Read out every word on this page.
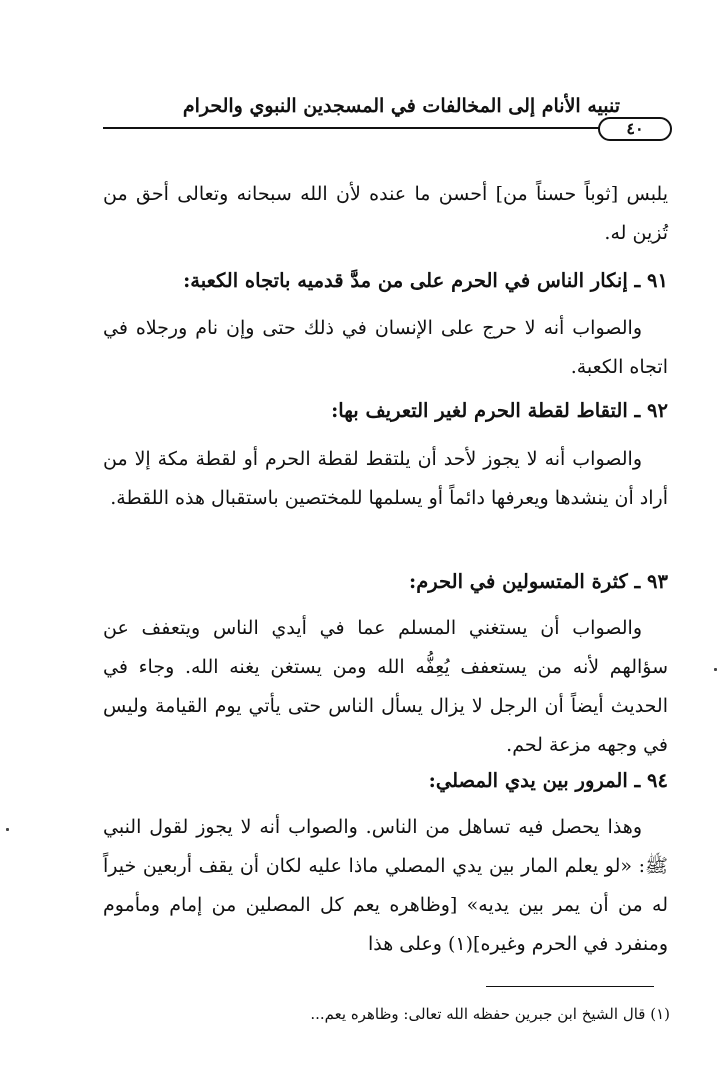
تنبيه الأنام إلى المخالفات في المسجدين النبوي والحرام
٤٠
يلبس [ثوباً حسناً من] أحسن ما عنده لأن الله سبحانه وتعالى أحق من تُزين له.
٩١ ـ إنكار الناس في الحرم على من مدَّ قدميه باتجاه الكعبة:
والصواب أنه لا حرج على الإنسان في ذلك حتى وإن نام ورجلاه في اتجاه الكعبة.
٩٢ ـ التقاط لقطة الحرم لغير التعريف بها:
والصواب أنه لا يجوز لأحد أن يلتقط لقطة الحرم أو لقطة مكة إلا من أراد أن ينشدها ويعرفها دائماً أو يسلمها للمختصين باستقبال هذه اللقطة.
٩٣ ـ كثرة المتسولين في الحرم:
والصواب أن يستغني المسلم عما في أيدي الناس ويتعفف عن سؤالهم لأنه من يستعفف يُعِفُّه الله ومن يستغن يغنه الله. وجاء في الحديث أيضاً أن الرجل لا يزال يسأل الناس حتى يأتي يوم القيامة وليس في وجهه مزعة لحم.
٩٤ ـ المرور بين يدي المصلي:
وهذا يحصل فيه تساهل من الناس. والصواب أنه لا يجوز لقول النبي ﷺ: «لو يعلم المار بين يدي المصلي ماذا عليه لكان أن يقف أربعين خيراً له من أن يمر بين يديه» [وظاهره يعم كل المصلين من إمام ومأموم ومنفرد في الحرم وغيره](١) وعلى هذا
(١) قال الشيخ ابن جبرين حفظه الله تعالى: وظاهره يعم...
